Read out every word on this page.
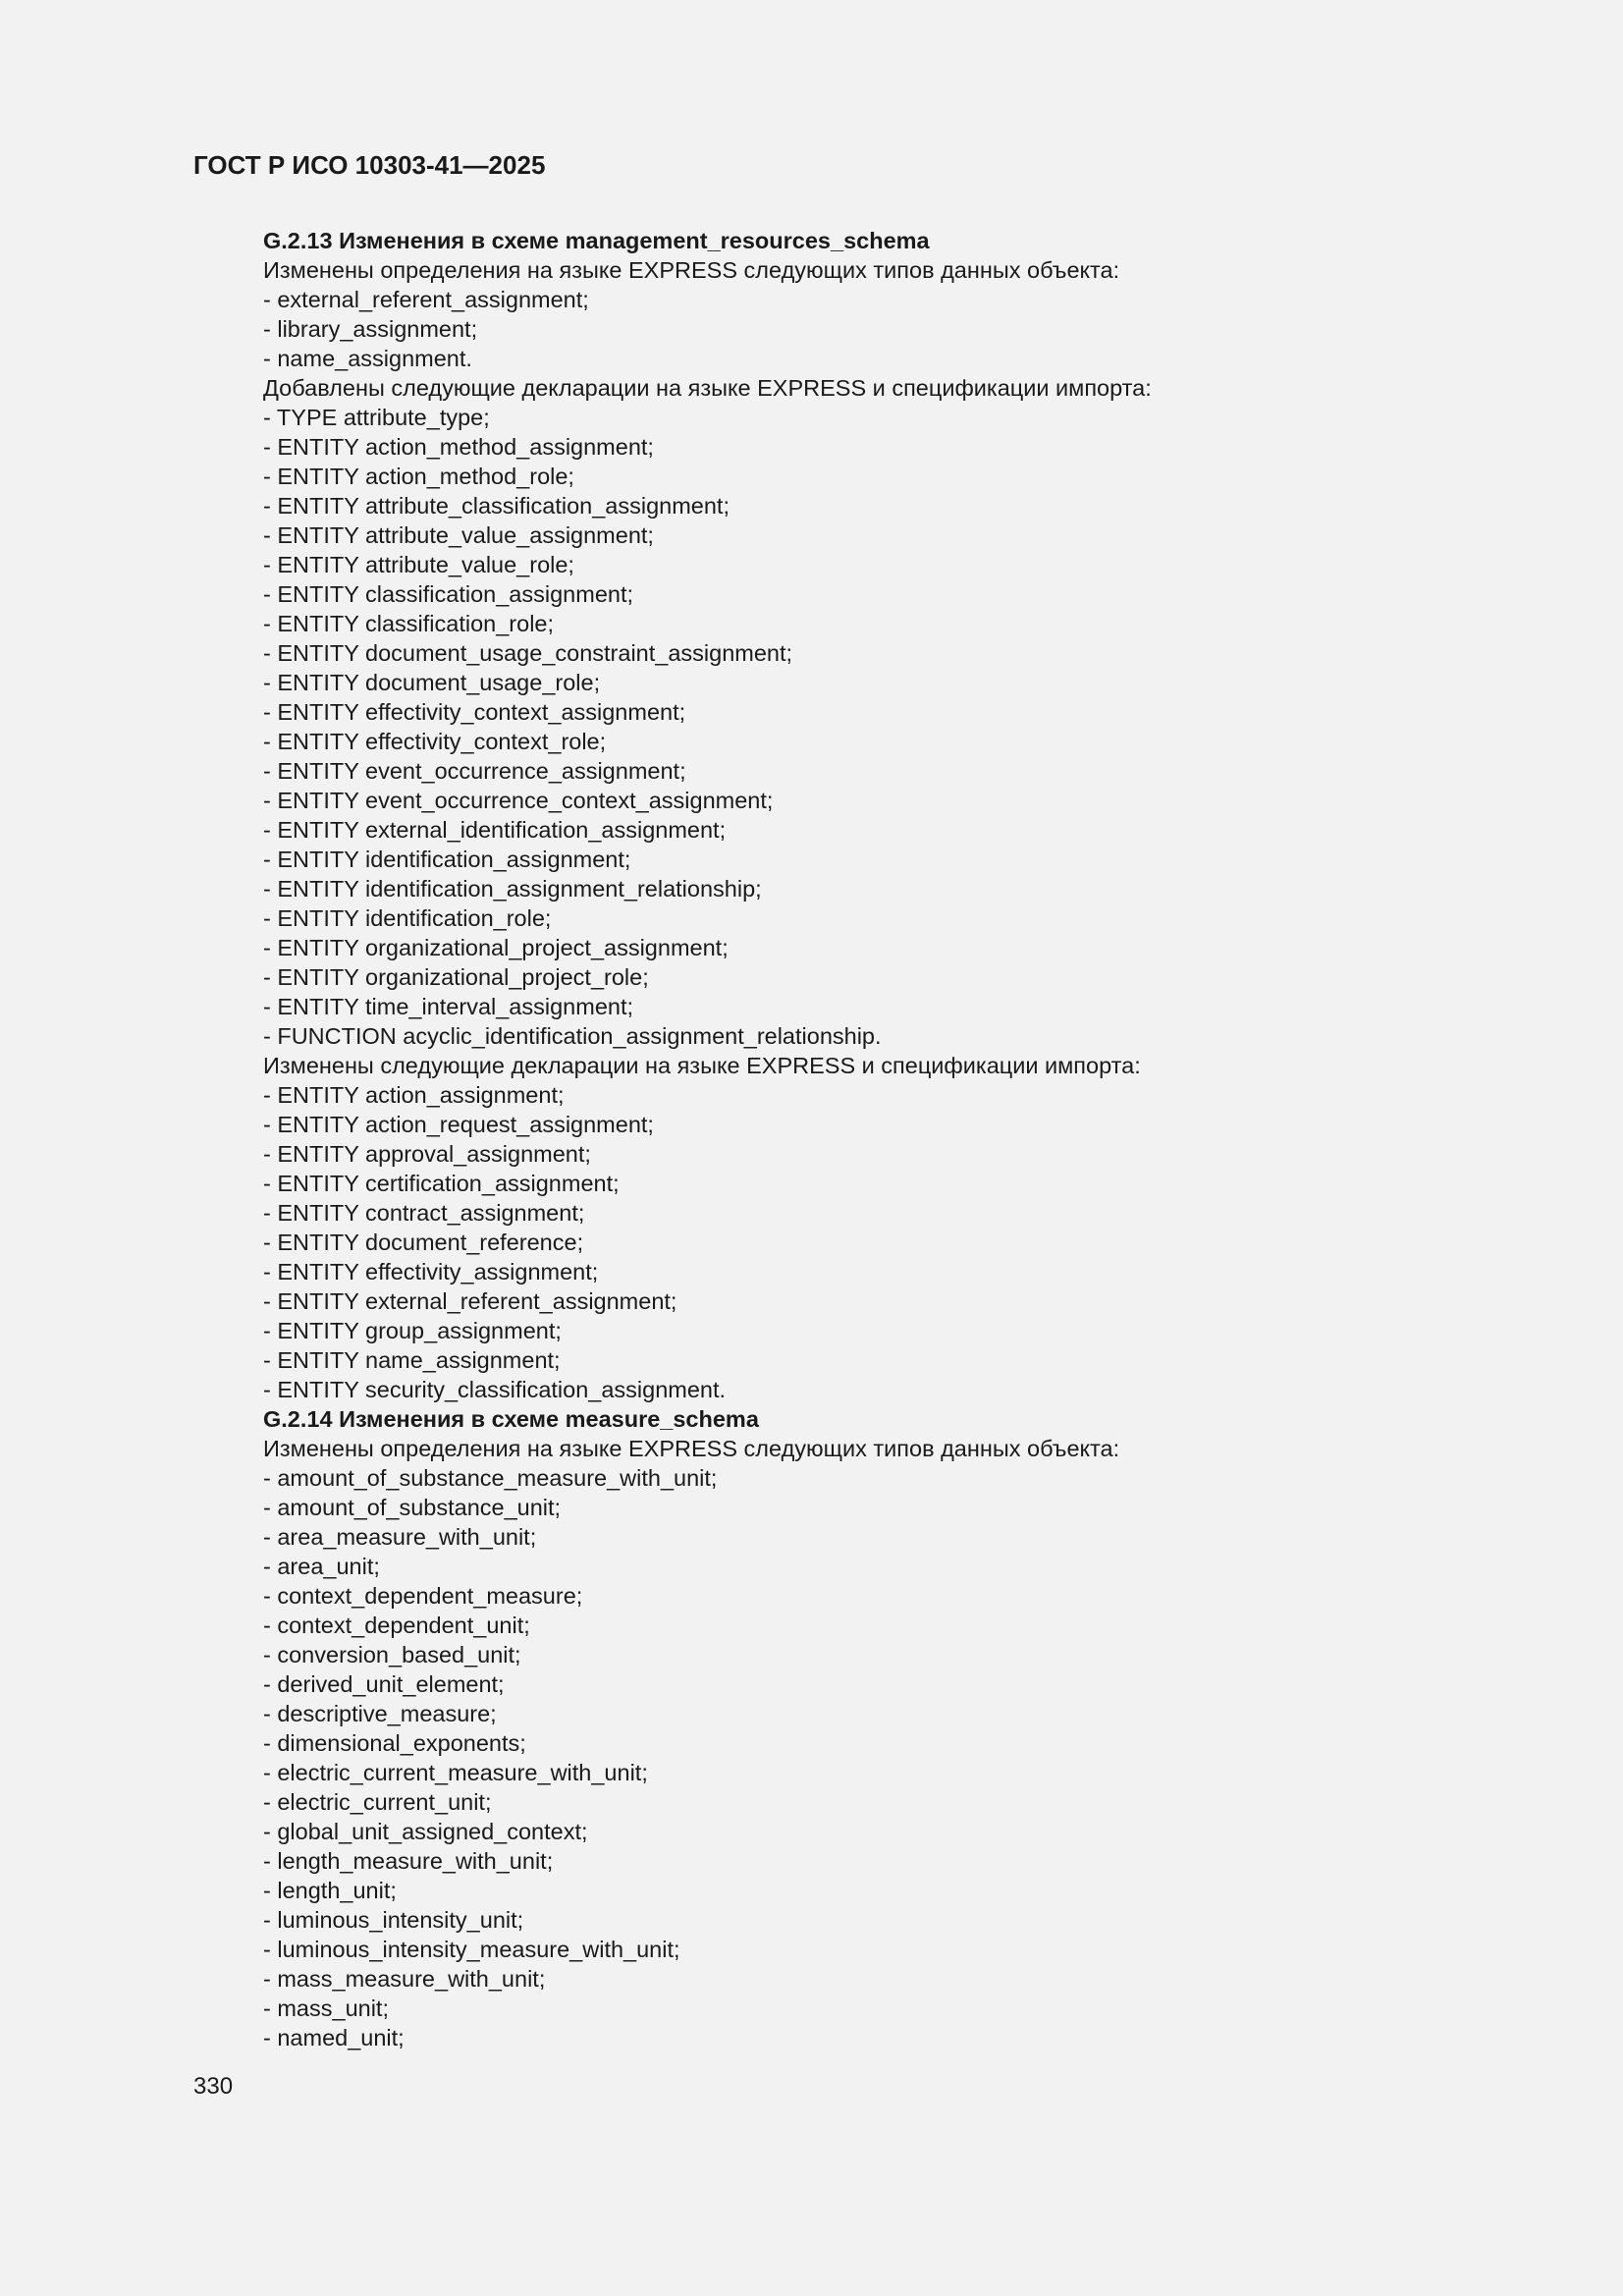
ГОСТ Р ИСО 10303-41—2025
G.2.13 Изменения в схеме management_resources_schema
Изменены определения на языке EXPRESS следующих типов данных объекта:
- external_referent_assignment;
- library_assignment;
- name_assignment.
Добавлены следующие декларации на языке EXPRESS и спецификации импорта:
- TYPE attribute_type;
- ENTITY action_method_assignment;
- ENTITY action_method_role;
- ENTITY attribute_classification_assignment;
- ENTITY attribute_value_assignment;
- ENTITY attribute_value_role;
- ENTITY classification_assignment;
- ENTITY classification_role;
- ENTITY document_usage_constraint_assignment;
- ENTITY document_usage_role;
- ENTITY effectivity_context_assignment;
- ENTITY effectivity_context_role;
- ENTITY event_occurrence_assignment;
- ENTITY event_occurrence_context_assignment;
- ENTITY external_identification_assignment;
- ENTITY identification_assignment;
- ENTITY identification_assignment_relationship;
- ENTITY identification_role;
- ENTITY organizational_project_assignment;
- ENTITY organizational_project_role;
- ENTITY time_interval_assignment;
- FUNCTION acyclic_identification_assignment_relationship.
Изменены следующие декларации на языке EXPRESS и спецификации импорта:
- ENTITY action_assignment;
- ENTITY action_request_assignment;
- ENTITY approval_assignment;
- ENTITY certification_assignment;
- ENTITY contract_assignment;
- ENTITY document_reference;
- ENTITY effectivity_assignment;
- ENTITY external_referent_assignment;
- ENTITY group_assignment;
- ENTITY name_assignment;
- ENTITY security_classification_assignment.
G.2.14 Изменения в схеме measure_schema
Изменены определения на языке EXPRESS следующих типов данных объекта:
- amount_of_substance_measure_with_unit;
- amount_of_substance_unit;
- area_measure_with_unit;
- area_unit;
- context_dependent_measure;
- context_dependent_unit;
- conversion_based_unit;
- derived_unit_element;
- descriptive_measure;
- dimensional_exponents;
- electric_current_measure_with_unit;
- electric_current_unit;
- global_unit_assigned_context;
- length_measure_with_unit;
- length_unit;
- luminous_intensity_unit;
- luminous_intensity_measure_with_unit;
- mass_measure_with_unit;
- mass_unit;
- named_unit;
330
